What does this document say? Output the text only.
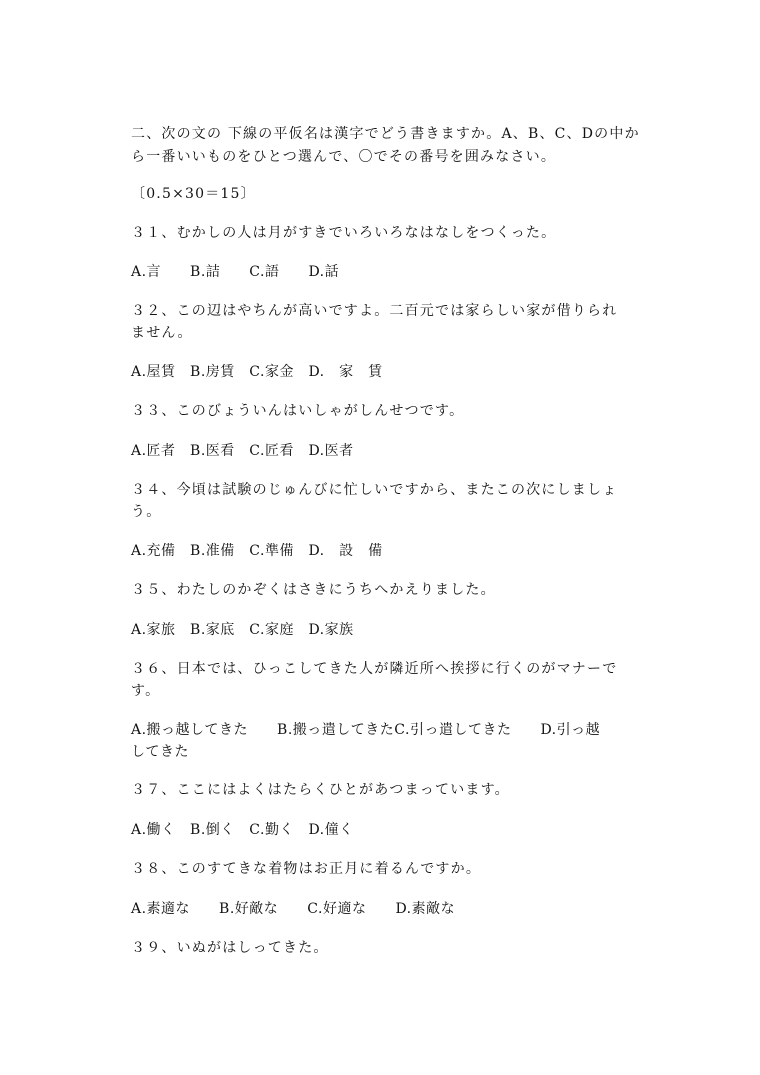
二、次の文の 下線の平仮名は漢字でどう書きますか。A、B、C、Dの中か
ら一番いいものをひとつ選んで、〇でその番号を囲みなさい。
〔0.5×30＝15〕
３１、むかしの人は月がすきでいろいろなはなしをつくった。
A.言　　B.詰　　C.語　　D.話
３２、この辺はやちんが高いですよ。二百元では家らしい家が借りられ
ません。
A.屋賃　B.房賃　C.家金　D.　家　賃
３３、このびょういんはいしゃがしんせつです。
A.匠者　B.医看　C.匠看　D.医者
３４、今頃は試験のじゅんびに忙しいですから、またこの次にしましょ
う。
A.充備　B.准備　C.準備　D.　設　備
３５、わたしのかぞくはさきにうちへかえりました。
A.家旅　B.家底　C.家庭　D.家族
３６、日本では、ひっこしてきた人が隣近所へ挨拶に行くのがマナーで
す。
A.搬っ越してきた　　B.搬っ遣してきたC.引っ遣してきた　　D.引っ越
してきた
３７、ここにはよくはたらくひとがあつまっています。
A.働く　B.倒く　C.勤く　D.僮く
３８、このすてきな着物はお正月に着るんですか。
A.素適な　　B.好敵な　　C.好適な　　D.素敵な
３９、いぬがはしってきた。
